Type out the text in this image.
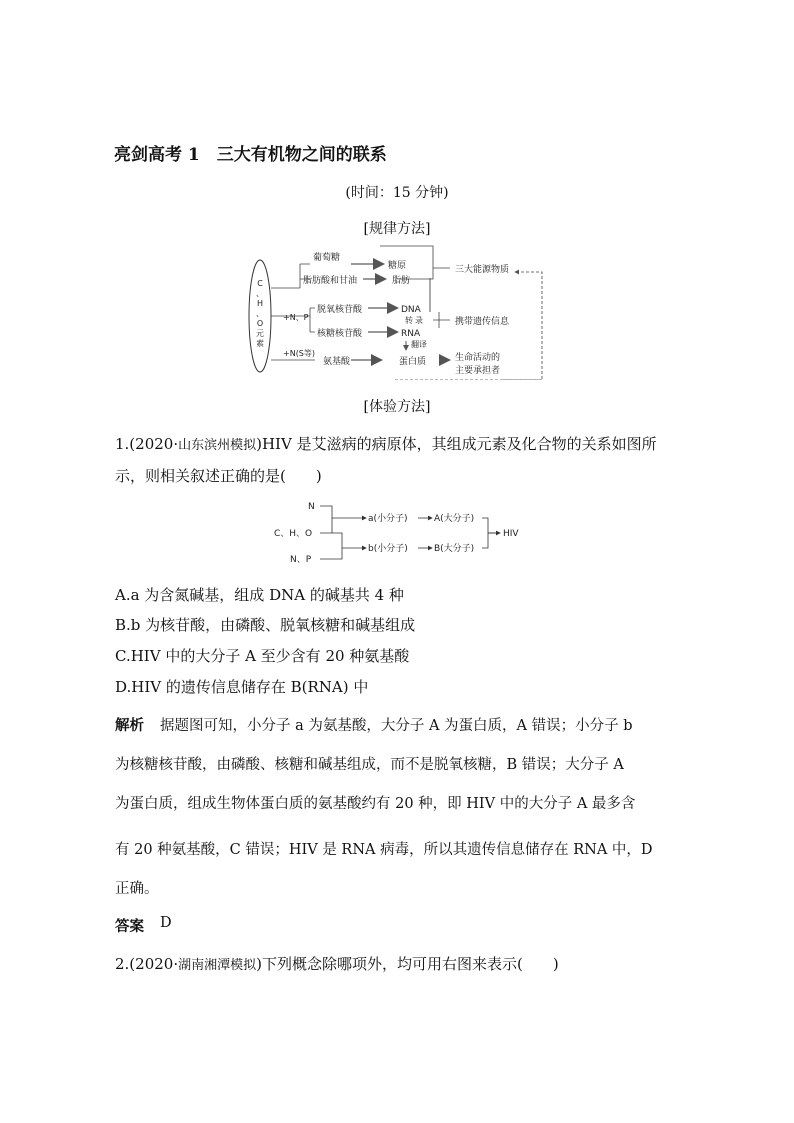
亮剑高考 1　三大有机物之间的联系
(时间：15 分钟)
[规律方法]
C
、
H
、
O
元
素
葡萄糖
糖原
脂肪酸和甘油	脂肪
三大能源物质
+N、P
脱氧核苷酸
核糖核苷酸
DNA
RNA
转 录	携带遗传信息
+N(S等)
氨基酸
翻译
蛋白质	生命活动的
主要承担者
[体验方法]
1.(2020·山东滨州模拟)HIV 是艾滋病的病原体，其组成元素及化合物的关系如图所
示，则相关叙述正确的是(　　)
N
C、H、O
N、P
a(小分子)	A(大分子)
b(小分子)	B(大分子)
HIV
A.a 为含氮碱基，组成 DNA 的碱基共 4 种
B.b 为核苷酸，由磷酸、脱氧核糖和碱基组成
C.HIV 中的大分子 A 至少含有 20 种氨基酸
D.HIV 的遗传信息储存在 B(RNA) 中
解析 据题图可知，小分子 a 为氨基酸，大分子 A 为蛋白质，A 错误；小分子 b
为核糖核苷酸，由磷酸、核糖和碱基组成，而不是脱氧核糖，B 错误；大分子 A
为蛋白质，组成生物体蛋白质的氨基酸约有 20 种，即 HIV 中的大分子 A 最多含
有 20 种氨基酸，C 错误；HIV 是 RNA 病毒，所以其遗传信息储存在 RNA 中，D
正确。
答案 D
2.(2020·湖南湘潭模拟)下列概念除哪项外，均可用右图来表示(　　)
